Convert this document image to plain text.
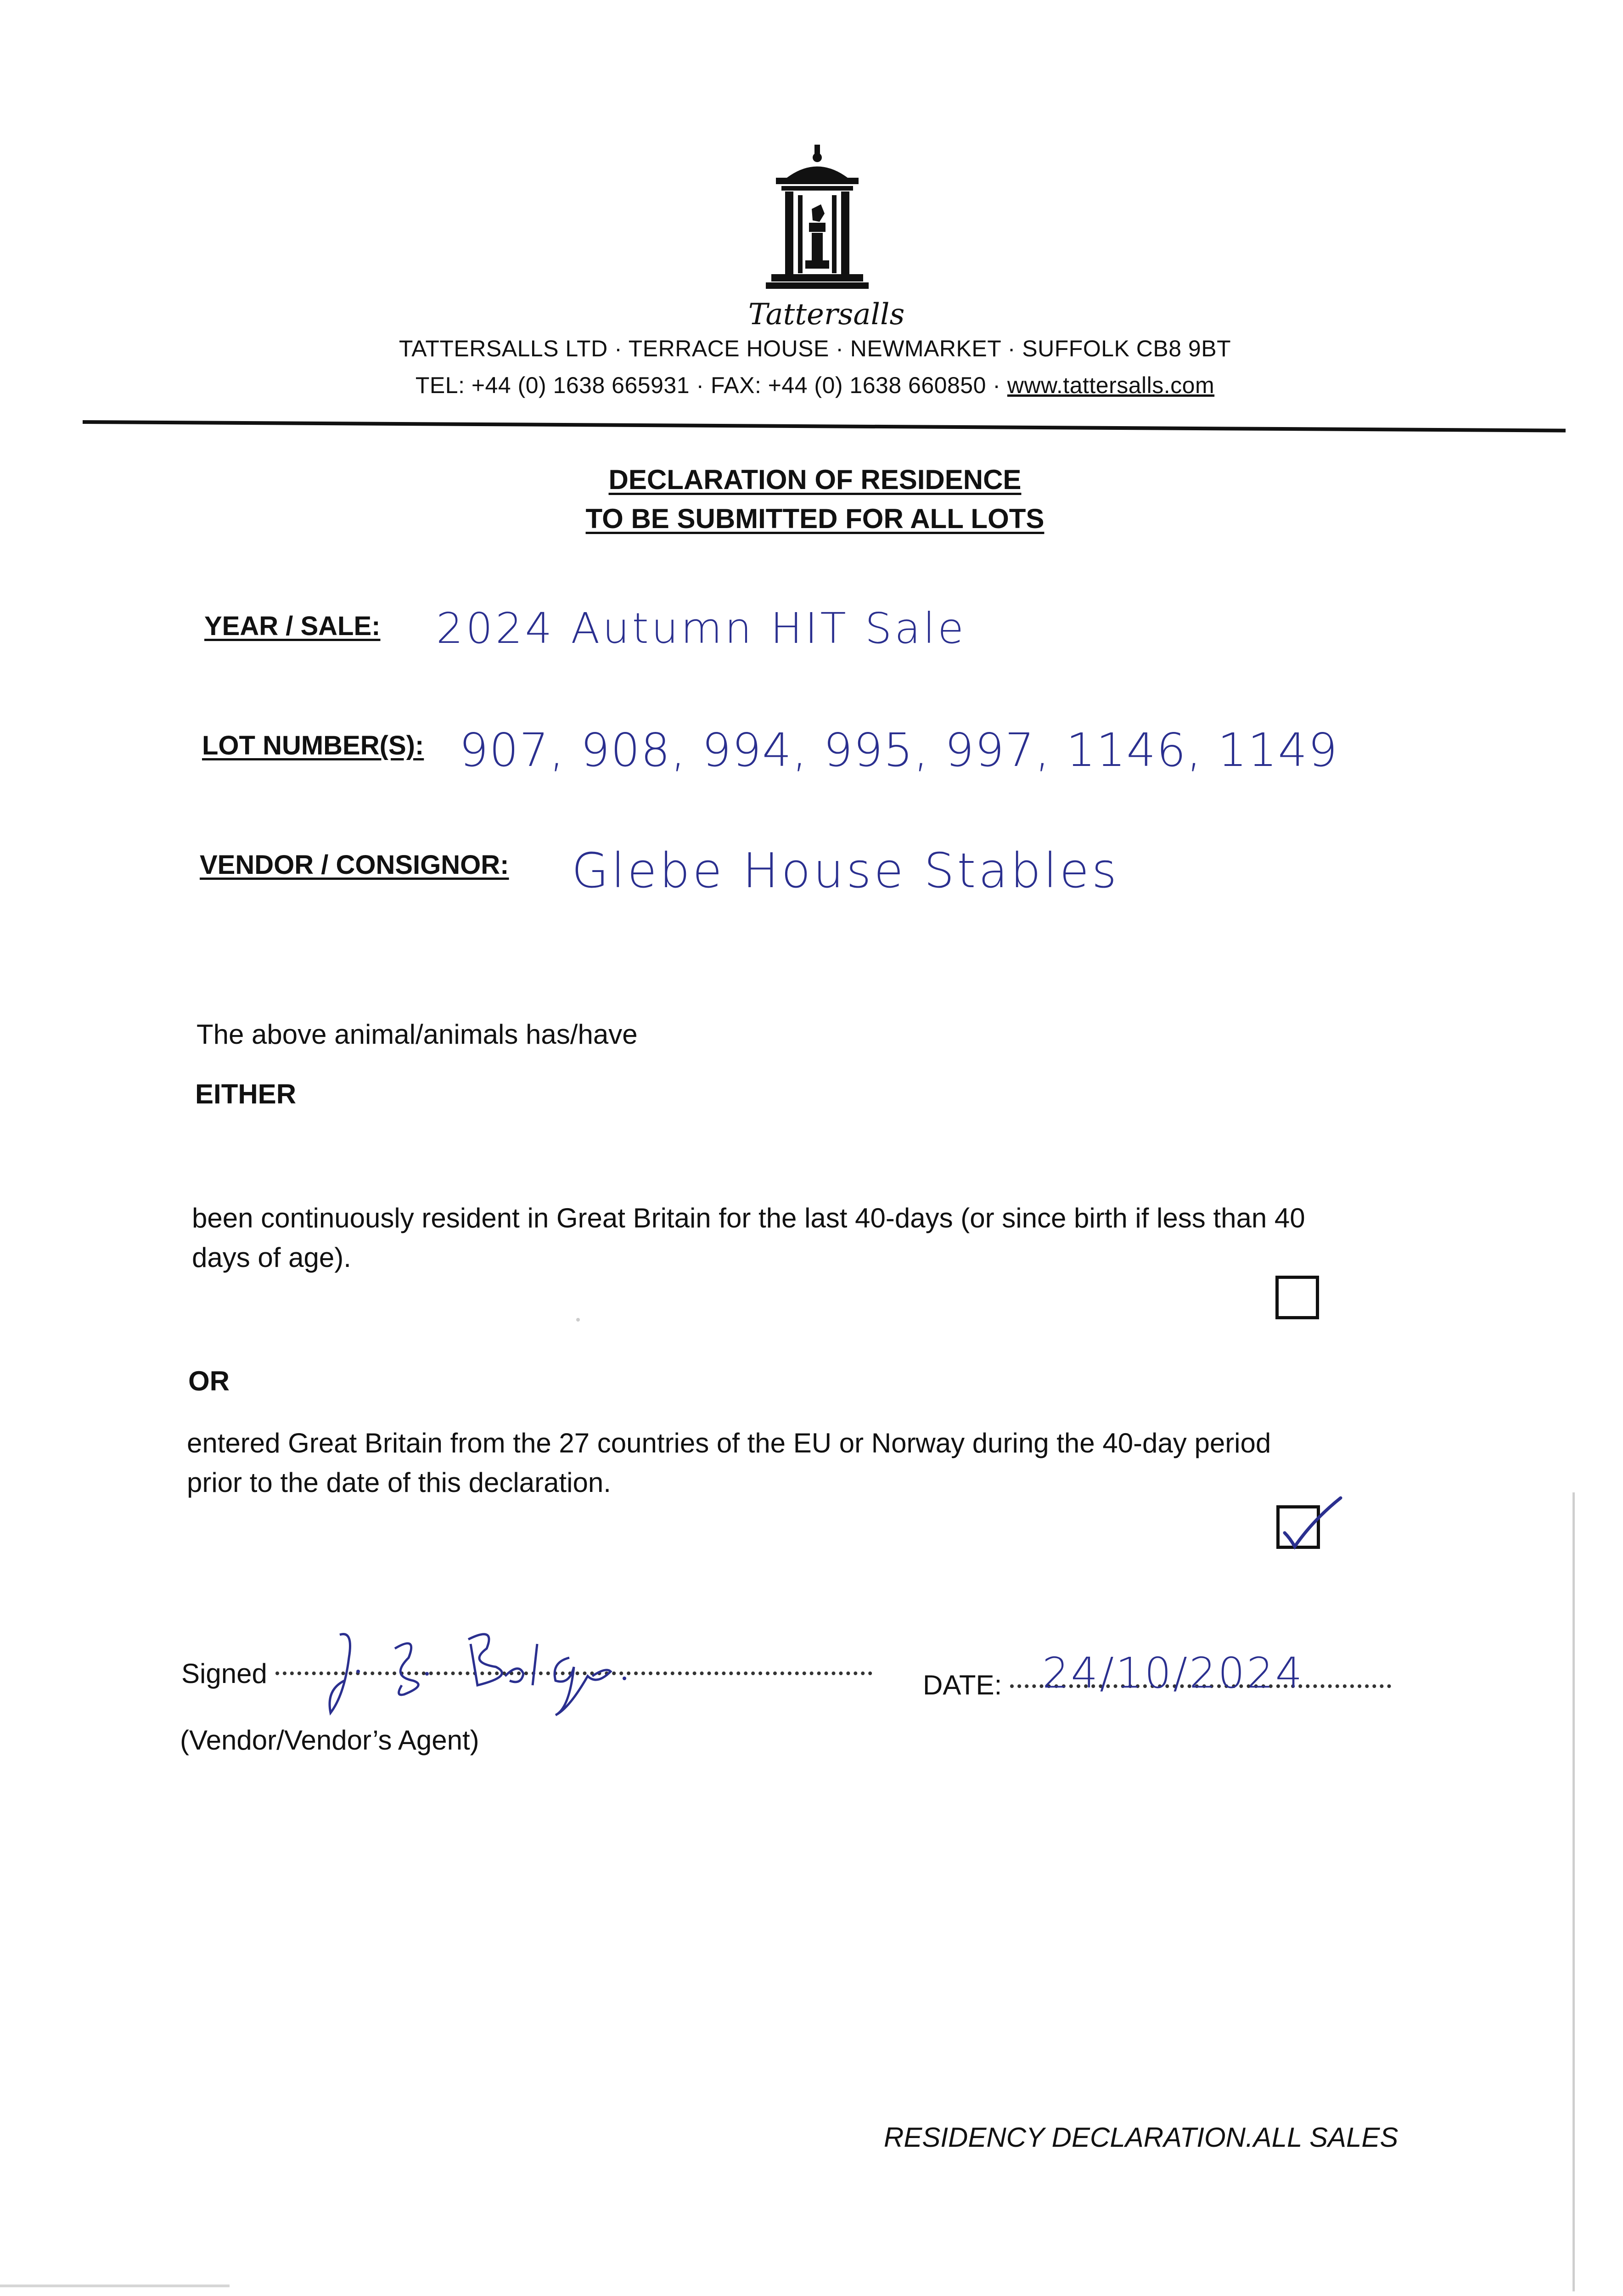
Tattersalls
TATTERSALLS LTD · TERRACE HOUSE · NEWMARKET · SUFFOLK CB8 9BT
TEL: +44 (0) 1638 665931 · FAX: +44 (0) 1638 660850 · www.tattersalls.com
DECLARATION OF RESIDENCE
TO BE SUBMITTED FOR ALL LOTS
YEAR / SALE: 2024 Autumn HIT Sale
LOT NUMBER(S): 907, 908, 994, 995, 997, 1146, 1149
VENDOR / CONSIGNOR: Glebe House Stables
The above animal/animals has/have
EITHER
been continuously resident in Great Britain for the last 40-days (or since birth if less than 40
days of age).
OR
entered Great Britain from the 27 countries of the EU or Norway during the 40-day period
prior to the date of this declaration.
Signed
(Vendor/Vendor’s Agent)
DATE: 24/10/2024
RESIDENCY DECLARATION.ALL SALES
